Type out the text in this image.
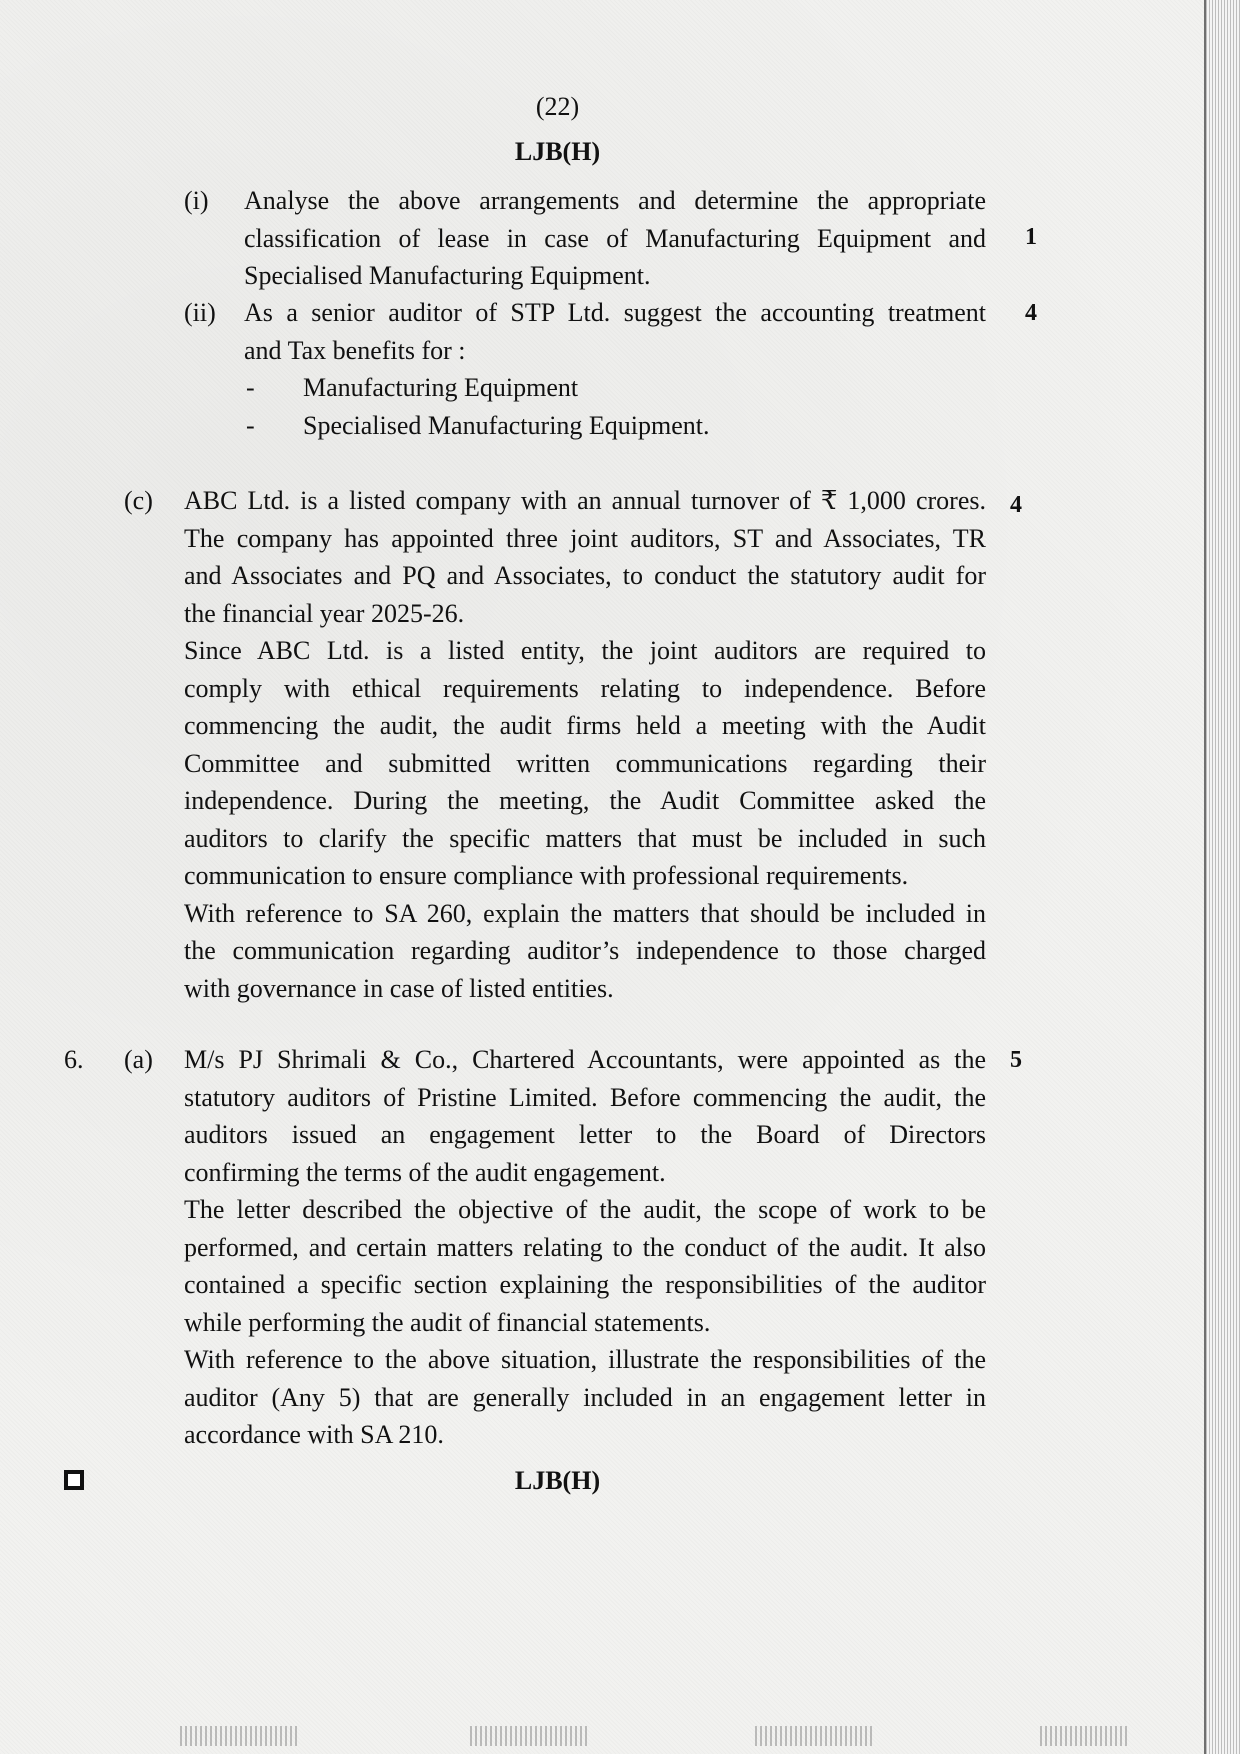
(22)
LJB(H)
(i) Analyse the above arrangements and determine the appropriate
classification of lease in case of Manufacturing Equipment and
Specialised Manufacturing Equipment.
1
(ii) As a senior auditor of STP Ltd. suggest the accounting treatment
and Tax benefits for :
4
- Manufacturing Equipment
- Specialised Manufacturing Equipment.
(c) ABC Ltd. is a listed company with an annual turnover of ₹ 1,000 crores.
The company has appointed three joint auditors, ST and Associates, TR
and Associates and PQ and Associates, to conduct the statutory audit for
the financial year 2025-26.
Since ABC Ltd. is a listed entity, the joint auditors are required to
comply with ethical requirements relating to independence. Before
commencing the audit, the audit firms held a meeting with the Audit
Committee and submitted written communications regarding their
independence. During the meeting, the Audit Committee asked the
auditors to clarify the specific matters that must be included in such
communication to ensure compliance with professional requirements.
With reference to SA 260, explain the matters that should be included in
the communication regarding auditor’s independence to those charged
with governance in case of listed entities.
4
6. (a) M/s PJ Shrimali & Co., Chartered Accountants, were appointed as the
statutory auditors of Pristine Limited. Before commencing the audit, the
auditors issued an engagement letter to the Board of Directors
confirming the terms of the audit engagement.
The letter described the objective of the audit, the scope of work to be
performed, and certain matters relating to the conduct of the audit. It also
contained a specific section explaining the responsibilities of the auditor
while performing the audit of financial statements.
With reference to the above situation, illustrate the responsibilities of the
auditor (Any 5) that are generally included in an engagement letter in
accordance with SA 210.
5
LJB(H)
